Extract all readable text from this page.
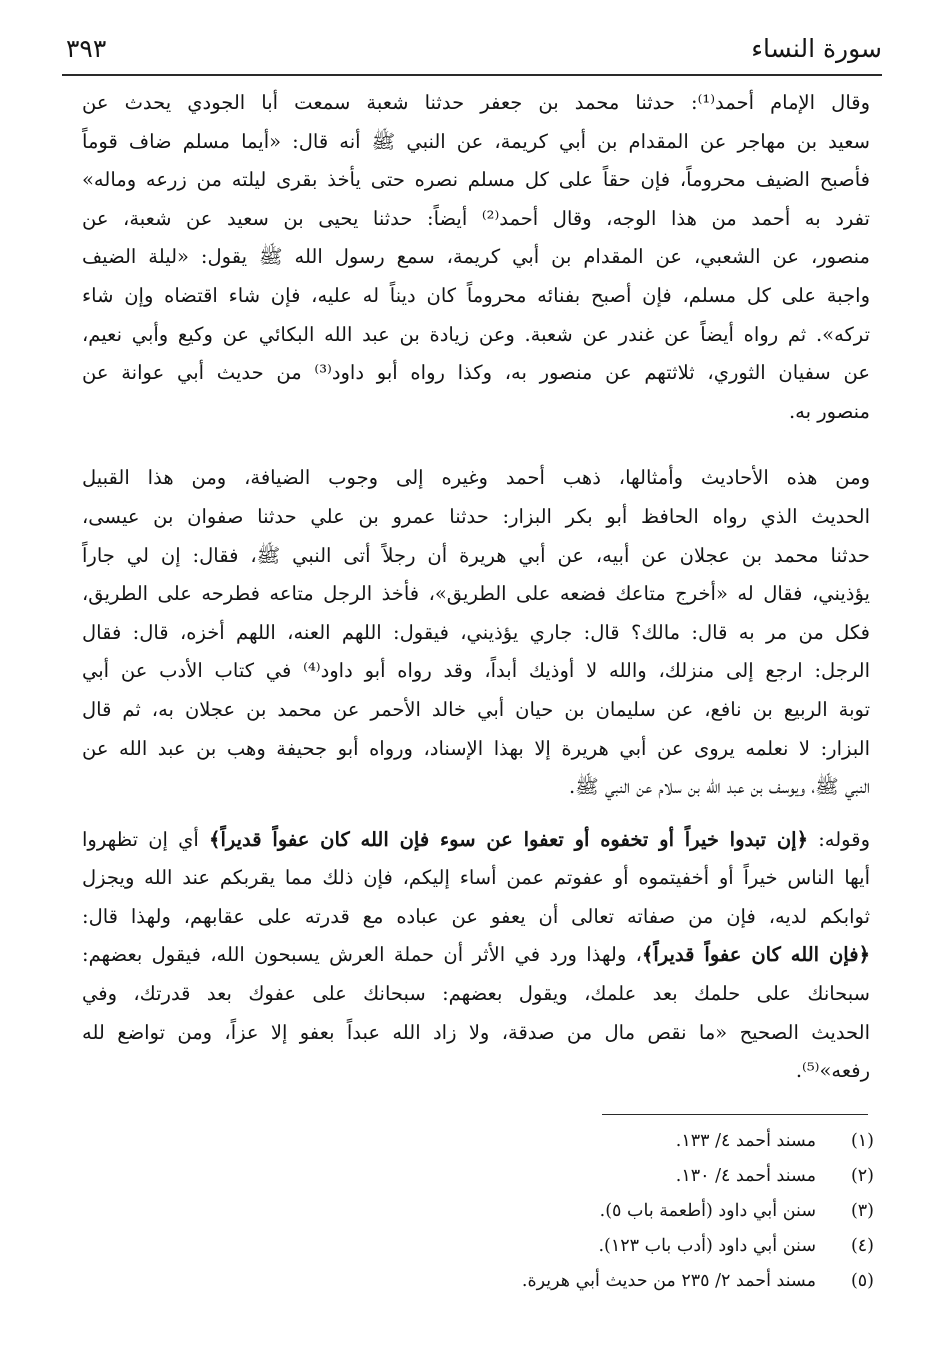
سورة النساء
٣٩٣
وقال الإمام أحمد⁽¹⁾: حدثنا محمد بن جعفر حدثنا شعبة سمعت أبا الجودي يحدث عن
سعيد بن مهاجر عن المقدام بن أبي كريمة، عن النبي ﷺ أنه قال: «أيما مسلم ضاف قوماً
فأصبح الضيف محروماً، فإن حقاً على كل مسلم نصره حتى يأخذ بقرى ليلته من زرعه وماله»
تفرد به أحمد من هذا الوجه، وقال أحمد⁽²⁾ أيضاً: حدثنا يحيى بن سعيد عن شعبة، عن
منصور، عن الشعبي، عن المقدام بن أبي كريمة، سمع رسول الله ﷺ يقول: «ليلة الضيف
واجبة على كل مسلم، فإن أصبح بفنائه محروماً كان ديناً له عليه، فإن شاء اقتضاه وإن شاء
تركه». ثم رواه أيضاً عن غندر عن شعبة. وعن زيادة بن عبد الله البكائي عن وكيع وأبي نعيم،
عن سفيان الثوري، ثلاثتهم عن منصور به، وكذا رواه أبو داود⁽³⁾ من حديث أبي عوانة عن
منصور به.
ومن هذه الأحاديث وأمثالها، ذهب أحمد وغيره إلى وجوب الضيافة، ومن هذا القبيل
الحديث الذي رواه الحافظ أبو بكر البزار: حدثنا عمرو بن علي حدثنا صفوان بن عيسى،
حدثنا محمد بن عجلان عن أبيه، عن أبي هريرة أن رجلاً أتى النبي ﷺ، فقال: إن لي جاراً
يؤذيني، فقال له «أخرج متاعك فضعه على الطريق»، فأخذ الرجل متاعه فطرحه على الطريق،
فكل من مر به قال: مالك؟ قال: جاري يؤذيني، فيقول: اللهم العنه، اللهم أخزه، قال: فقال
الرجل: ارجع إلى منزلك، والله لا أوذيك أبداً، وقد رواه أبو داود⁽⁴⁾ في كتاب الأدب عن أبي
توبة الربيع بن نافع، عن سليمان بن حيان أبي خالد الأحمر عن محمد بن عجلان به، ثم قال
البزار: لا نعلمه يروى عن أبي هريرة إلا بهذا الإسناد، ورواه أبو جحيفة وهب بن عبد الله عن
النبي ﷺ، ويوسف بن عبد الله بن سلام عن النبي ﷺ.
وقوله: ﴿إن تبدوا خيراً أو تخفوه أو تعفوا عن سوء فإن الله كان عفواً قديراً﴾ أي إن تظهروا
أيها الناس خيراً أو أخفيتموه أو عفوتم عمن أساء إليكم، فإن ذلك مما يقربكم عند الله ويجزل
ثوابكم لديه، فإن من صفاته تعالى أن يعفو عن عباده مع قدرته على عقابهم، ولهذا قال:
﴿فإن الله كان عفواً قديراً﴾، ولهذا ورد في الأثر أن حملة العرش يسبحون الله، فيقول بعضهم:
سبحانك على حلمك بعد علمك، ويقول بعضهم: سبحانك على عفوك بعد قدرتك، وفي
الحديث الصحيح «ما نقص مال من صدقة، ولا زاد الله عبداً بعفو إلا عزاً، ومن تواضع لله
رفعه»⁽⁵⁾.
(١)مسند أحمد ٤/ ١٣٣.
(٢)مسند أحمد ٤/ ١٣٠.
(٣)سنن أبي داود (أطعمة باب ٥).
(٤)سنن أبي داود (أدب باب ١٢٣).
(٥)مسند أحمد ٢/ ٢٣٥ من حديث أبي هريرة.
